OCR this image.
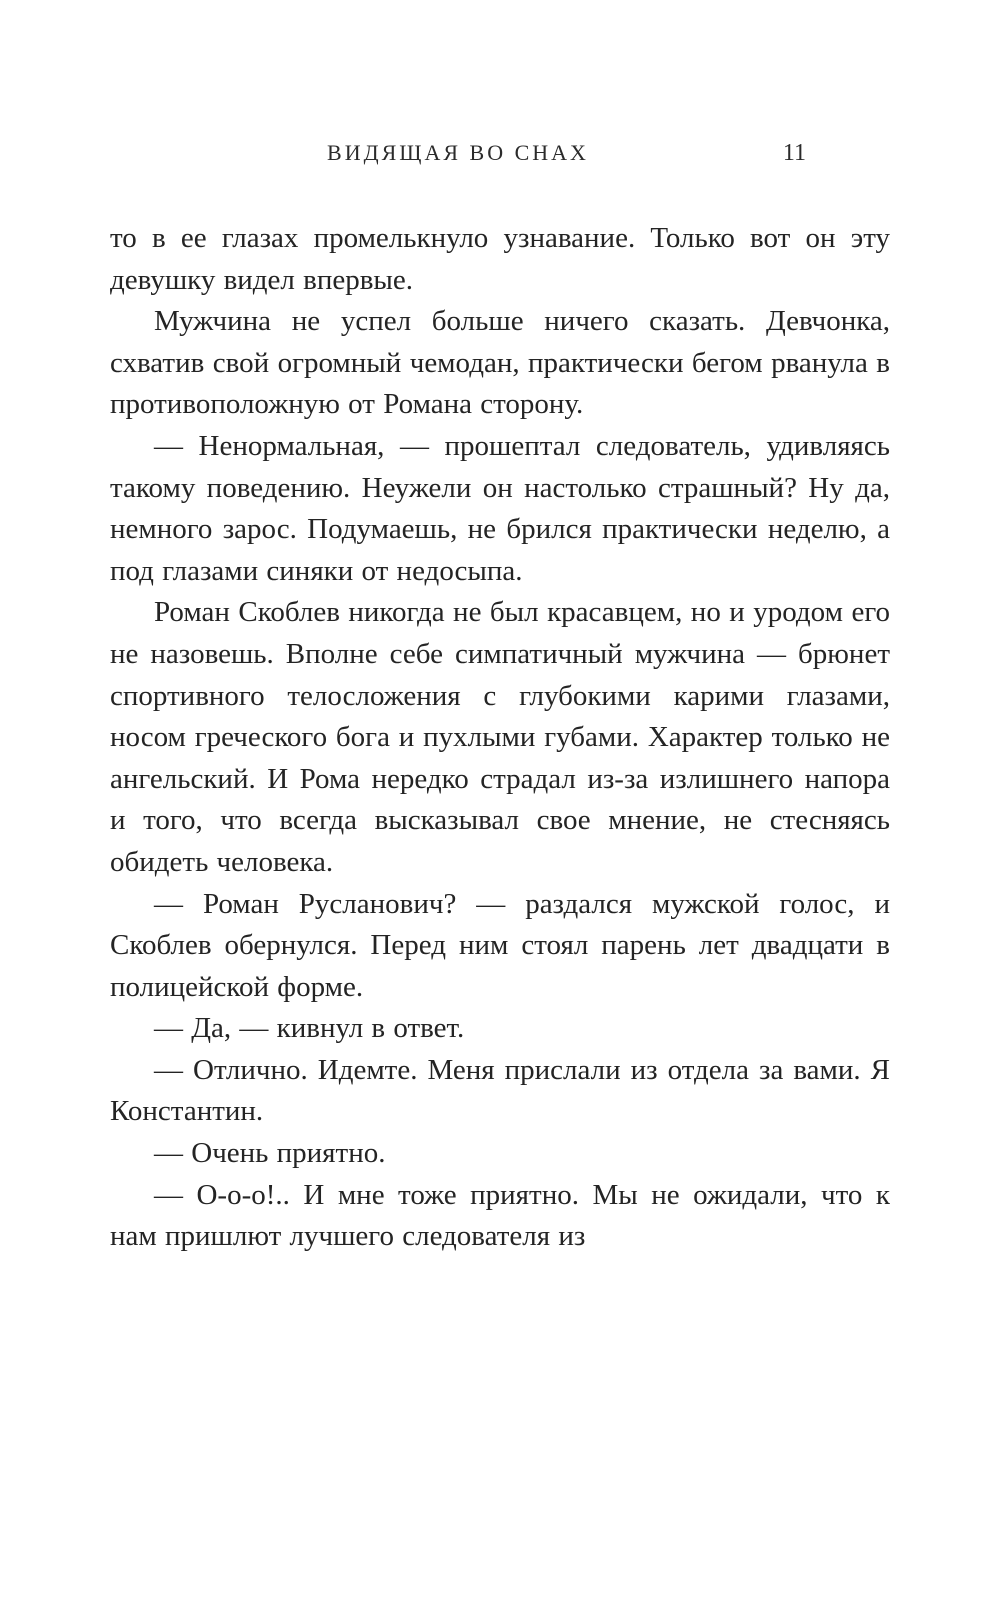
ВИДЯЩАЯ ВО СНАХ	11

то в ее глазах промелькнуло узнавание. Только вот он эту девушку видел впервые.

Мужчина не успел больше ничего сказать. Девчонка, схватив свой огромный чемодан, практически бегом рванула в противоположную от Романа сторону.

— Ненормальная, — прошептал следователь, удивляясь такому поведению. Неужели он настолько страшный? Ну да, немного зарос. Подумаешь, не брился практически неделю, а под глазами синяки от недосыпа.

Роман Скоблев никогда не был красавцем, но и уродом его не назовешь. Вполне себе симпатичный мужчина — брюнет спортивного телосложения с глубокими карими глазами, носом греческого бога и пухлыми губами. Характер только не ангельский. И Рома нередко страдал из-за излишнего напора и того, что всегда высказывал свое мнение, не стесняясь обидеть человека.

— Роман Русланович? — раздался мужской голос, и Скоблев обернулся. Перед ним стоял парень лет двадцати в полицейской форме.

— Да, — кивнул в ответ.

— Отлично. Идемте. Меня прислали из отдела за вами. Я Константин.

— Очень приятно.

— О-о-о!.. И мне тоже приятно. Мы не ожидали, что к нам пришлют лучшего следователя из
